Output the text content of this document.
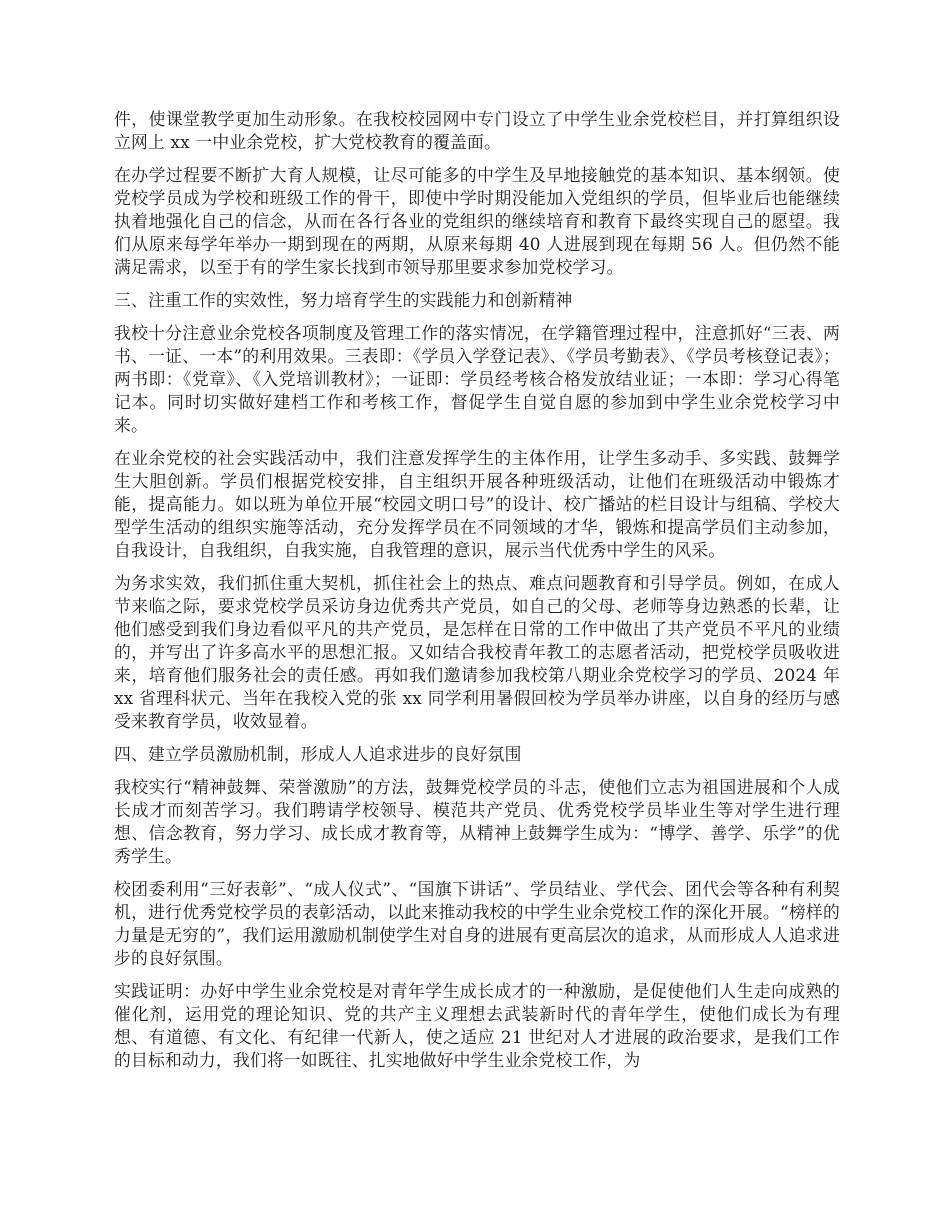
件，使课堂教学更加生动形象。在我校校园网中专门设立了中学生业余党校栏目，并打算组织设立网上 xx 一中业余党校，扩大党校教育的覆盖面。

在办学过程要不断扩大育人规模，让尽可能多的中学生及早地接触党的基本知识、基本纲领。使党校学员成为学校和班级工作的骨干，即使中学时期没能加入党组织的学员，但毕业后也能继续执着地强化自己的信念，从而在各行各业的党组织的继续培育和教育下最终实现自己的愿望。我们从原来每学年举办一期到现在的两期，从原来每期 40 人进展到现在每期 56 人。但仍然不能满足需求，以至于有的学生家长找到市领导那里要求参加党校学习。

三、注重工作的实效性，努力培育学生的实践能力和创新精神

我校十分注意业余党校各项制度及管理工作的落实情况，在学籍管理过程中，注意抓好“三表、两书、一证、一本”的利用效果。三表即：《学员入学登记表》、《学员考勤表》、《学员考核登记表》；两书即：《党章》、《入党培训教材》；一证即：学员经考核合格发放结业证；一本即：学习心得笔记本。同时切实做好建档工作和考核工作，督促学生自觉自愿的参加到中学生业余党校学习中来。

在业余党校的社会实践活动中，我们注意发挥学生的主体作用，让学生多动手、多实践、鼓舞学生大胆创新。学员们根据党校安排，自主组织开展各种班级活动，让他们在班级活动中锻炼才能，提高能力。如以班为单位开展“校园文明口号”的设计、校广播站的栏目设计与组稿、学校大型学生活动的组织实施等活动，充分发挥学员在不同领域的才华，锻炼和提高学员们主动参加，自我设计，自我组织，自我实施，自我管理的意识，展示当代优秀中学生的风采。

为务求实效，我们抓住重大契机，抓住社会上的热点、难点问题教育和引导学员。例如，在成人节来临之际，要求党校学员采访身边优秀共产党员，如自己的父母、老师等身边熟悉的长辈，让他们感受到我们身边看似平凡的共产党员，是怎样在日常的工作中做出了共产党员不平凡的业绩的，并写出了许多高水平的思想汇报。又如结合我校青年教工的志愿者活动，把党校学员吸收进来，培育他们服务社会的责任感。再如我们邀请参加我校第八期业余党校学习的学员、2024 年 xx 省理科状元、当年在我校入党的张 xx 同学利用暑假回校为学员举办讲座，以自身的经历与感受来教育学员，收效显着。

四、建立学员激励机制，形成人人追求进步的良好氛围

我校实行“精神鼓舞、荣誉激励”的方法，鼓舞党校学员的斗志，使他们立志为祖国进展和个人成长成才而刻苦学习。我们聘请学校领导、模范共产党员、优秀党校学员毕业生等对学生进行理想、信念教育，努力学习、成长成才教育等，从精神上鼓舞学生成为：“博学、善学、乐学”的优秀学生。

校团委利用“三好表彰”、“成人仪式”、“国旗下讲话”、学员结业、学代会、团代会等各种有利契机，进行优秀党校学员的表彰活动，以此来推动我校的中学生业余党校工作的深化开展。“榜样的力量是无穷的”，我们运用激励机制使学生对自身的进展有更高层次的追求，从而形成人人追求进步的良好氛围。

实践证明：办好中学生业余党校是对青年学生成长成才的一种激励，是促使他们人生走向成熟的催化剂，运用党的理论知识、党的共产主义理想去武装新时代的青年学生，使他们成长为有理想、有道德、有文化、有纪律一代新人，使之适应 21 世纪对人才进展的政治要求，是我们工作的目标和动力，我们将一如既往、扎实地做好中学生业余党校工作，为
